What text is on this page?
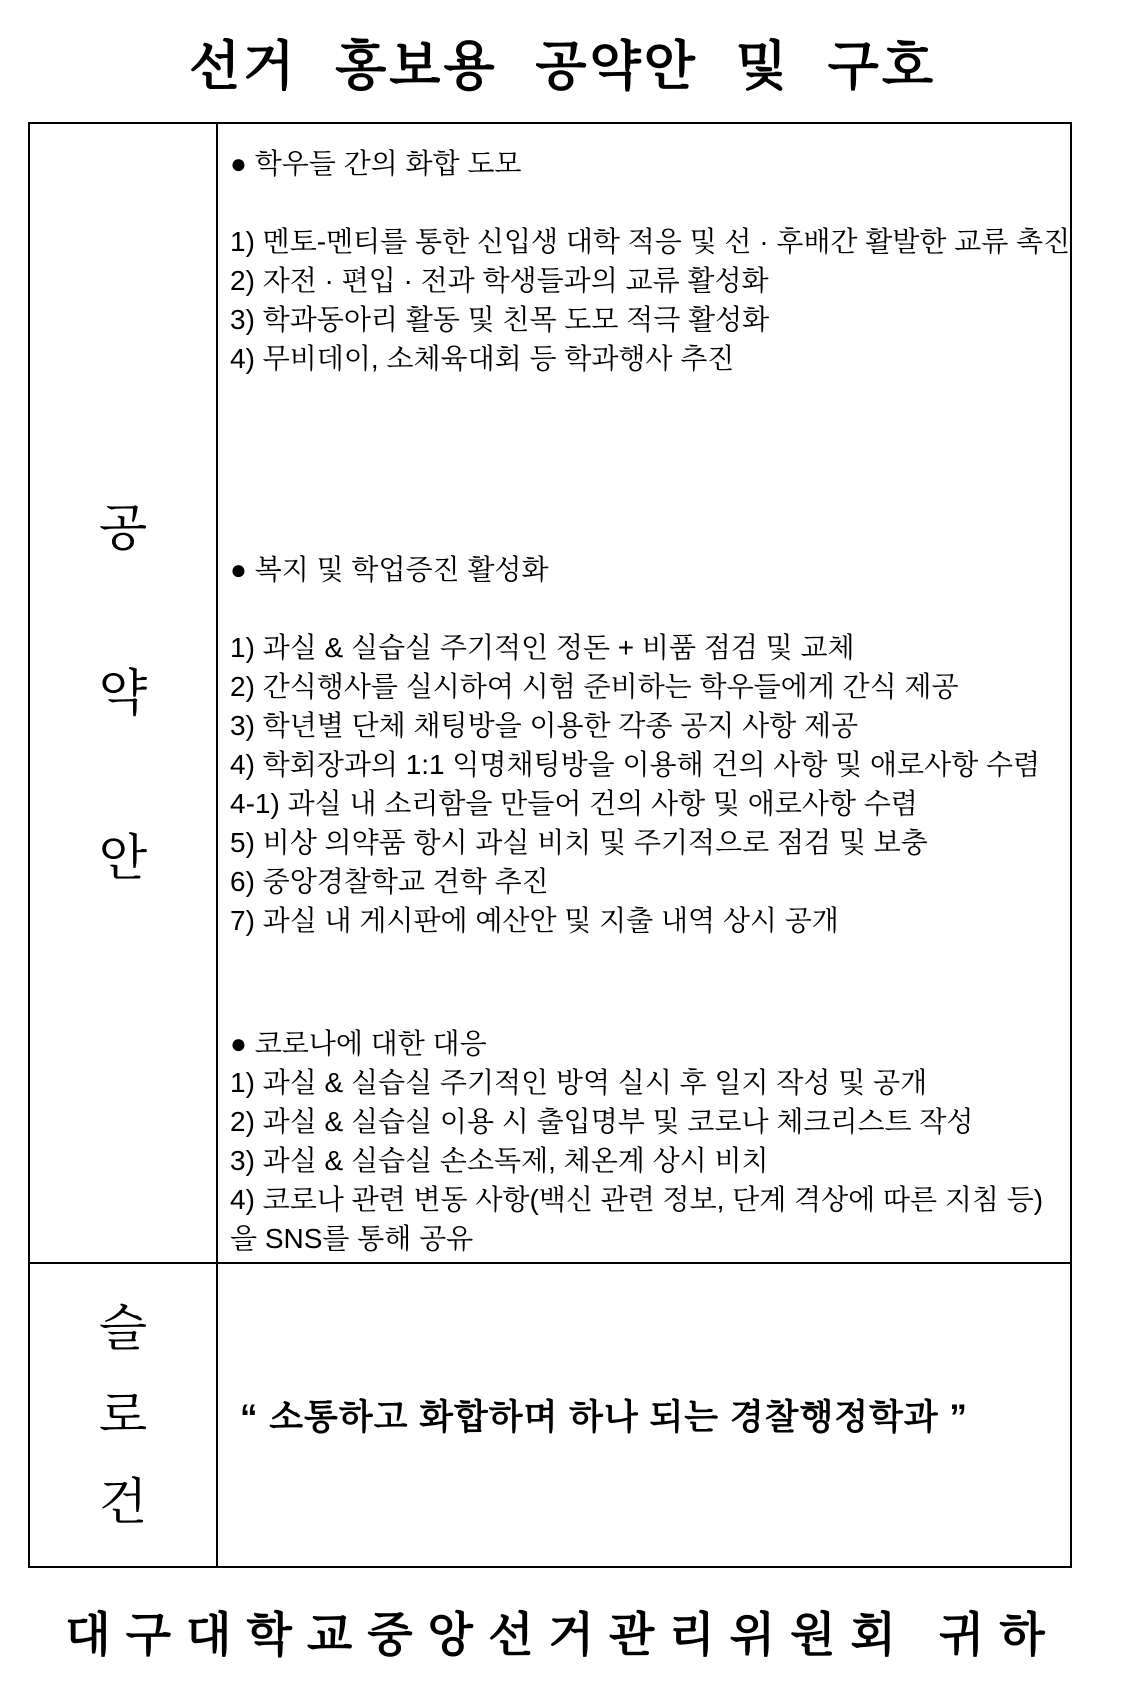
선거 홍보용 공약안 및 구호
공
약
안
● 학우들 간의 화합 도모
1) 멘토-멘티를 통한 신입생 대학 적응 및 선 · 후배간 활발한 교류 촉진
2) 자전 · 편입 · 전과 학생들과의 교류 활성화
3) 학과동아리 활동 및 친목 도모 적극 활성화
4) 무비데이, 소체육대회 등 학과행사 추진
● 복지 및 학업증진 활성화
1) 과실 & 실습실 주기적인 정돈 + 비품 점검 및 교체
2) 간식행사를 실시하여 시험 준비하는 학우들에게 간식 제공
3) 학년별 단체 채팅방을 이용한 각종 공지 사항 제공
4) 학회장과의 1:1 익명채팅방을 이용해 건의 사항 및 애로사항 수렴
4-1) 과실 내 소리함을 만들어 건의 사항 및 애로사항 수렴
5) 비상 의약품 항시 과실 비치 및 주기적으로 점검 및 보충
6) 중앙경찰학교 견학 추진
7) 과실 내 게시판에 예산안 및 지출 내역 상시 공개
● 코로나에 대한 대응
1) 과실 & 실습실 주기적인 방역 실시 후 일지 작성 및 공개
2) 과실 & 실습실 이용 시 출입명부 및 코로나 체크리스트 작성
3) 과실 & 실습실 손소독제, 체온계 상시 비치
4) 코로나 관련 변동 사항(백신 관련 정보, 단계 격상에 따른 지침 등)
을 SNS를 통해 공유
슬
로
건
“ 소통하고 화합하며 하나 되는 경찰행정학과 ”
대구대학교중앙선거관리위원회 귀하
